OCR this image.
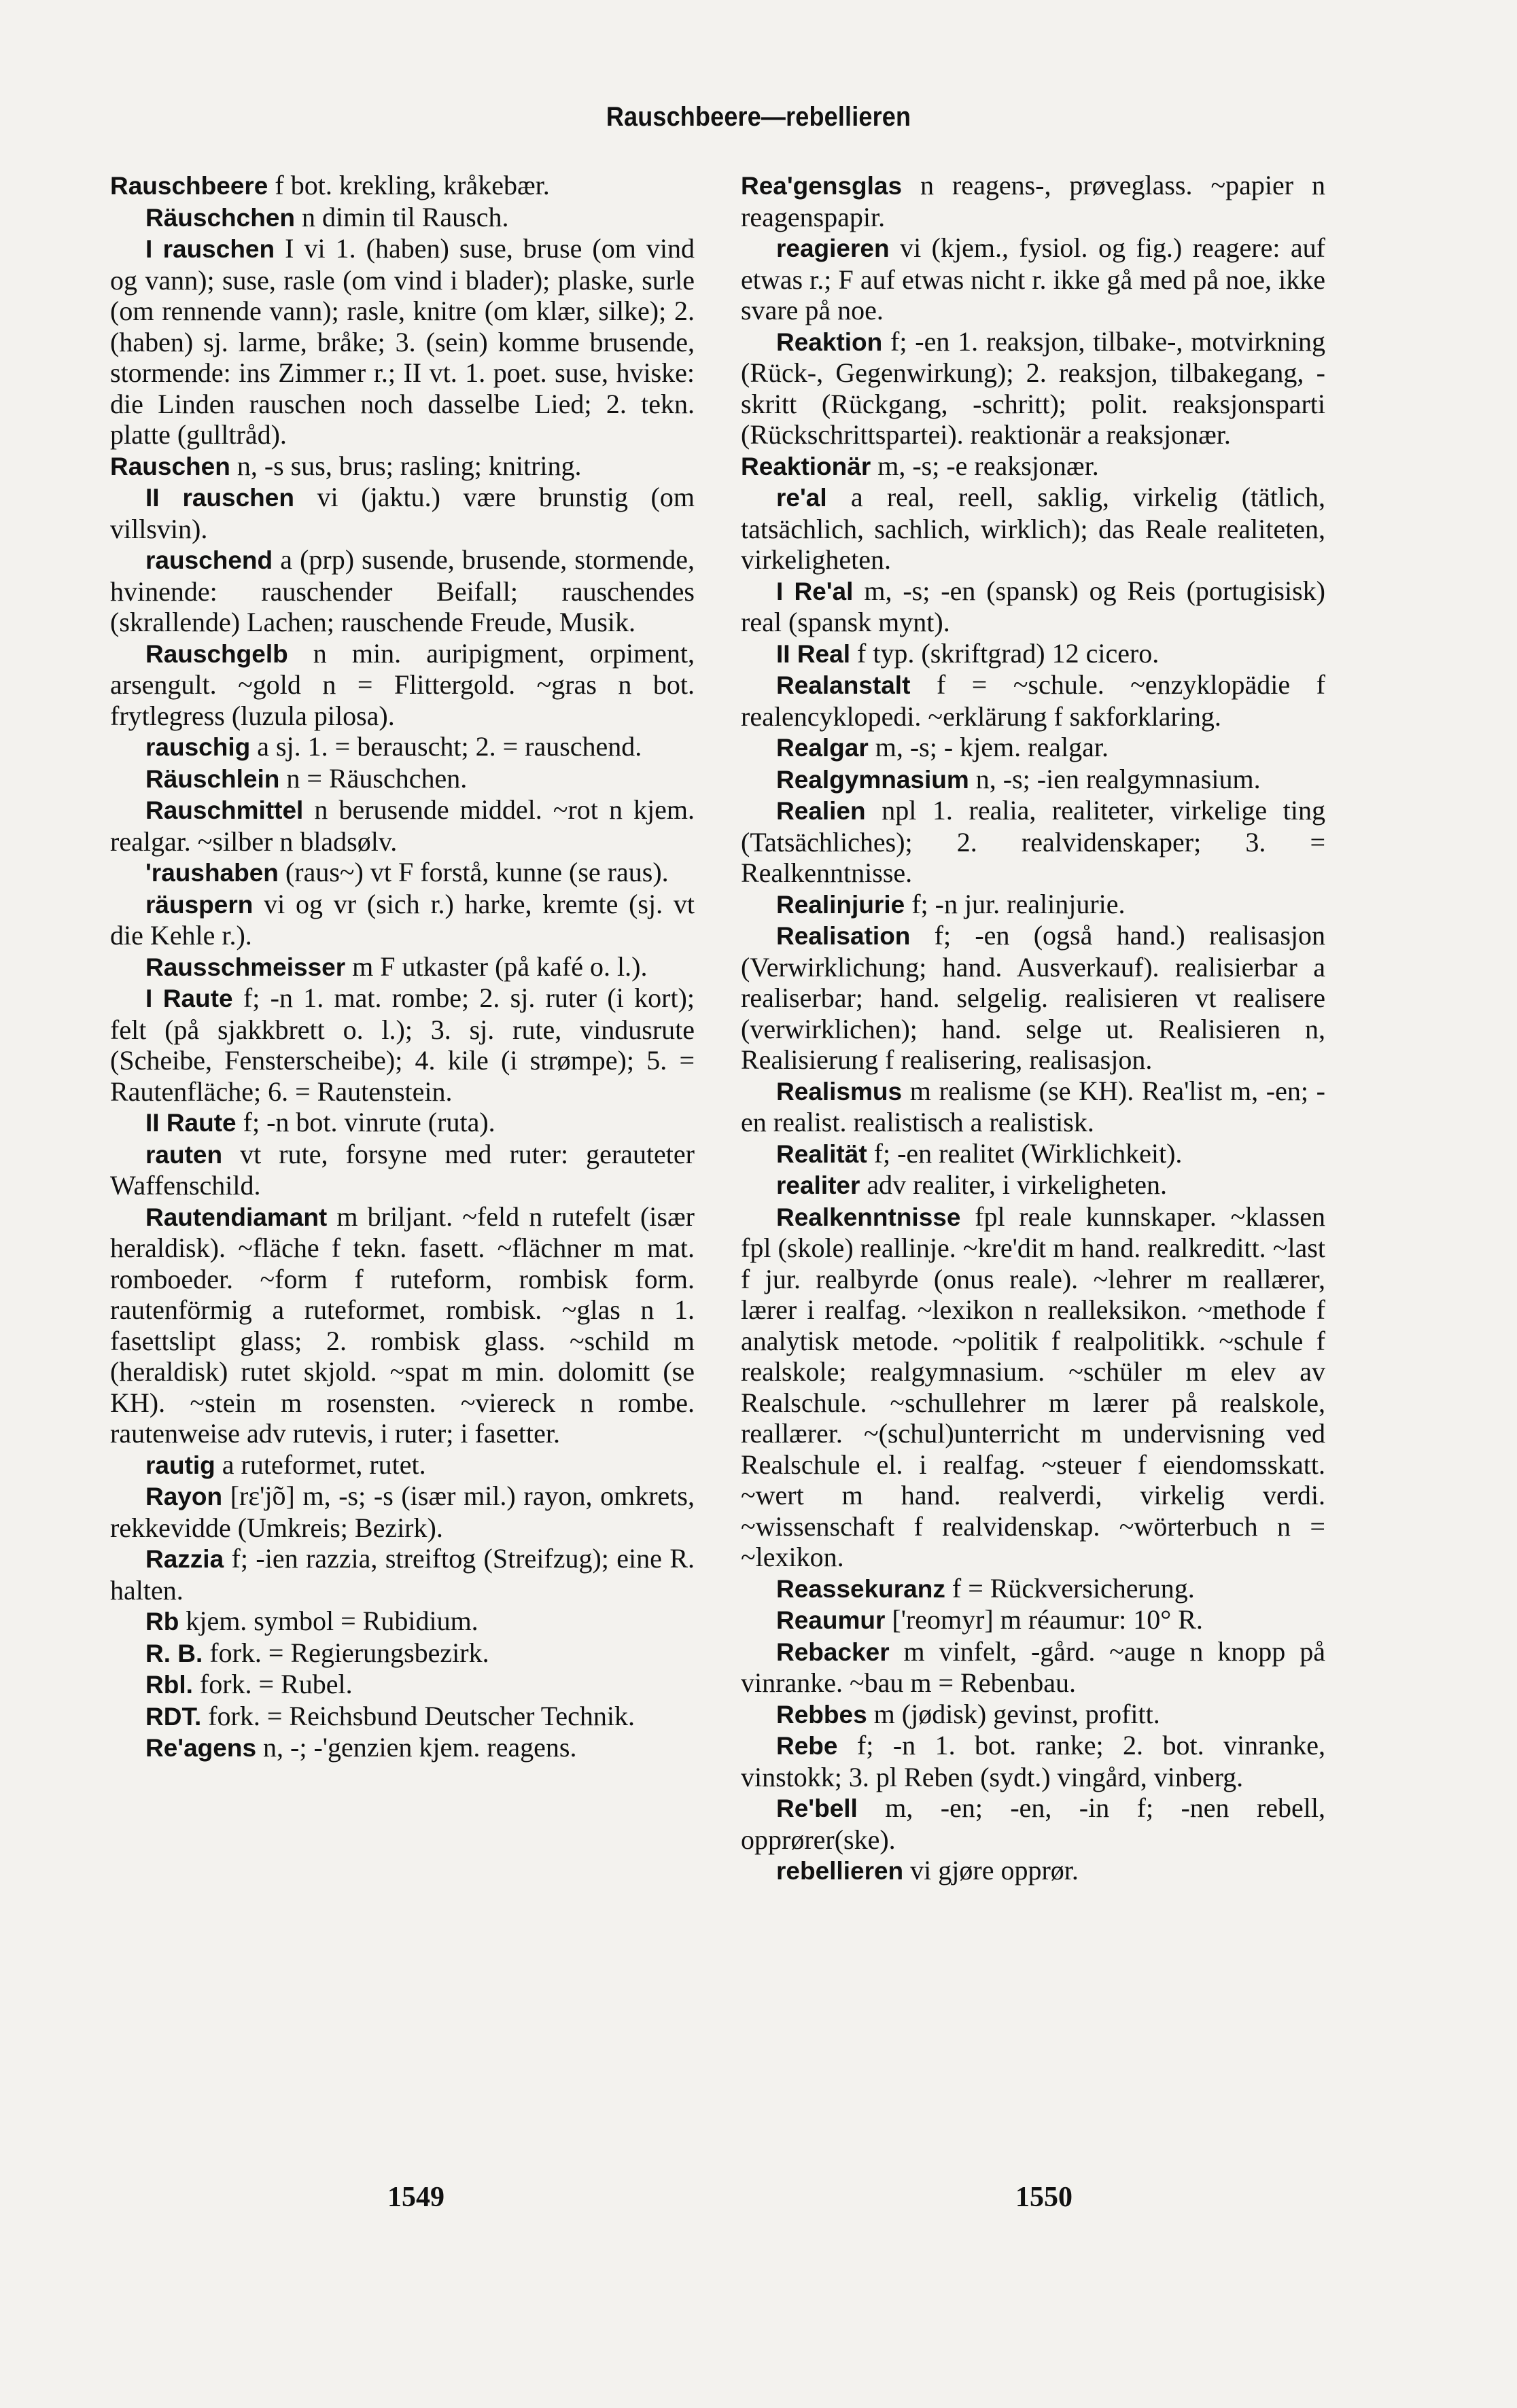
Rauschbeere—rebellieren

Rauschbeere f bot. krekling, kråkebær.

Räuschchen n dimin til Rausch.

I rauschen I vi 1. (haben) suse, bruse (om vind og vann); suse, rasle (om vind i blader); plaske, surle (om rennende vann); rasle, knitre (om klær, silke); 2. (haben) sj. larme, bråke; 3. (sein) komme brusende, stormende: ins Zimmer r.; II vt. 1. poet. suse, hviske: die Linden rauschen noch dasselbe Lied; 2. tekn. platte (gulltråd).

Rauschen n, -s sus, brus; rasling; knitring.

II rauschen vi (jaktu.) være brunstig (om villsvin).

rauschend a (prp) susende, brusende, stormende, hvinende: rauschender Beifall; rauschendes (skrallende) Lachen; rauschende Freude, Musik.

Rauschgelb n min. auripigment, orpiment, arsengult. ~gold n = Flittergold. ~gras n bot. frytlegress (luzula pilosa).

rauschig a sj. 1. = berauscht; 2. = rauschend.

Räuschlein n = Räuschchen.

Rauschmittel n berusende middel. ~rot n kjem. realgar. ~silber n bladsølv.

'raushaben (raus~) vt F forstå, kunne (se raus).

räuspern vi og vr (sich r.) harke, kremte (sj. vt die Kehle r.).

Rausschmeisser m F utkaster (på kafé o. l.).

I Raute f; -n 1. mat. rombe; 2. sj. ruter (i kort); felt (på sjakkbrett o. l.); 3. sj. rute, vindusrute (Scheibe, Fensterscheibe); 4. kile (i strømpe); 5. = Rautenfläche; 6. = Rautenstein.

II Raute f; -n bot. vinrute (ruta).

rauten vt rute, forsyne med ruter: gerauteter Waffenschild.

Rautendiamant m briljant. ~feld n rutefelt (især heraldisk). ~fläche f tekn. fasett. ~flächner m mat. romboeder. ~form f ruteform, rombisk form. rautenförmig a ruteformet, rombisk. ~glas n 1. fasettslipt glass; 2. rombisk glass. ~schild m (heraldisk) rutet skjold. ~spat m min. dolomitt (se KH). ~stein m rosensten. ~viereck n rombe. rautenweise adv rutevis, i ruter; i fasetter.

rautig a ruteformet, rutet.

Rayon [rɛ'jõ] m, -s; -s (især mil.) rayon, omkrets, rekkevidde (Umkreis; Bezirk).

Razzia f; -ien razzia, streiftog (Streifzug); eine R. halten.

Rb kjem. symbol = Rubidium.

R. B. fork. = Regierungsbezirk.

Rbl. fork. = Rubel.

RDT. fork. = Reichsbund Deutscher Technik.

Re'agens n, -; -'genzien kjem. reagens.

Rea'gensglas n reagens-, prøveglass. ~papier n reagenspapir.

reagieren vi (kjem., fysiol. og fig.) reagere: auf etwas r.; F auf etwas nicht r. ikke gå med på noe, ikke svare på noe.

Reaktion f; -en 1. reaksjon, tilbake-, motvirkning (Rück-, Gegenwirkung); 2. reaksjon, tilbakegang, -skritt (Rückgang, -schritt); polit. reaksjonsparti (Rückschrittspartei). reaktionär a reaksjonær.

Reaktionär m, -s; -e reaksjonær.

re'al a real, reell, saklig, virkelig (tätlich, tatsächlich, sachlich, wirklich); das Reale realiteten, virkeligheten.

I Re'al m, -s; -en (spansk) og Reis (portugisisk) real (spansk mynt).

II Real f typ. (skriftgrad) 12 cicero.

Realanstalt f = ~schule. ~enzyklopädie f realencyklopedi. ~erklärung f sakforklaring.

Realgar m, -s; - kjem. realgar.

Realgymnasium n, -s; -ien realgymnasium.

Realien npl 1. realia, realiteter, virkelige ting (Tatsächliches); 2. realvidenskaper; 3. = Realkenntnisse.

Realinjurie f; -n jur. realinjurie.

Realisation f; -en (også hand.) realisasjon (Verwirklichung; hand. Ausverkauf). realisierbar a realiserbar; hand. selgelig. realisieren vt realisere (verwirklichen); hand. selge ut. Realisieren n, Realisierung f realisering, realisasjon.

Realismus m realisme (se KH). Rea'list m, -en; -en realist. realistisch a realistisk.

Realität f; -en realitet (Wirklichkeit).

realiter adv realiter, i virkeligheten.

Realkenntnisse fpl reale kunnskaper. ~klassen fpl (skole) reallinje. ~kre'dit m hand. realkreditt. ~last f jur. realbyrde (onus reale). ~lehrer m reallærer, lærer i realfag. ~lexikon n realleksikon. ~methode f analytisk metode. ~politik f realpolitikk. ~schule f realskole; realgymnasium. ~schüler m elev av Realschule. ~schullehrer m lærer på realskole, reallærer. ~(schul)unterricht m undervisning ved Realschule el. i realfag. ~steuer f eiendomsskatt. ~wert m hand. realverdi, virkelig verdi. ~wissenschaft f realvidenskap. ~wörterbuch n = ~lexikon.

Reassekuranz f = Rückversicherung.

Reaumur ['reomyr] m réaumur: 10° R.

Rebacker m vinfelt, -gård. ~auge n knopp på vinranke. ~bau m = Rebenbau.

Rebbes m (jødisk) gevinst, profitt.

Rebe f; -n 1. bot. ranke; 2. bot. vinranke, vinstokk; 3. pl Reben (sydt.) vingård, vinberg.

Re'bell m, -en; -en, -in f; -nen rebell, opprører(ske).

rebellieren vi gjøre opprør.

1549	1550
